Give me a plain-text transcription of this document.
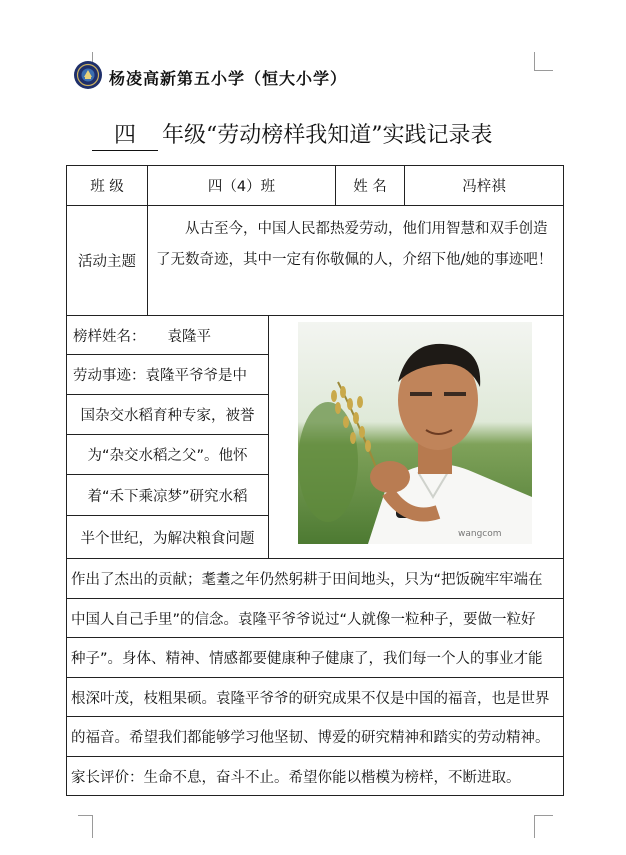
杨凌高新第五小学（恒大小学）
四 年级“劳动榜样我知道”实践记录表
班 级	四（4）班	姓 名	冯梓祺
活动主题
从古至今，中国人民都热爱劳动，他们用智慧和双手创造了无数奇迹，其中一定有你敬佩的人，介绍下他/她的事迹吧！
榜样姓名： 袁隆平
劳动事迹：袁隆平爷爷是中
国杂交水稻育种专家，被誉
为“杂交水稻之父”。他怀
着“禾下乘凉梦”研究水稻
半个世纪，为解决粮食问题	wangcom
作出了杰出的贡献；耄耋之年仍然躬耕于田间地头，只为“把饭碗牢牢端在
中国人自己手里”的信念。袁隆平爷爷说过“人就像一粒种子，要做一粒好
种子”。身体、精神、情感都要健康种子健康了，我们每一个人的事业才能
根深叶茂，枝粗果硕。袁隆平爷爷的研究成果不仅是中国的福音，也是世界
的福音。希望我们都能够学习他坚韧、博爱的研究精神和踏实的劳动精神。
家长评价：生命不息，奋斗不止。希望你能以楷模为榜样，不断进取。
